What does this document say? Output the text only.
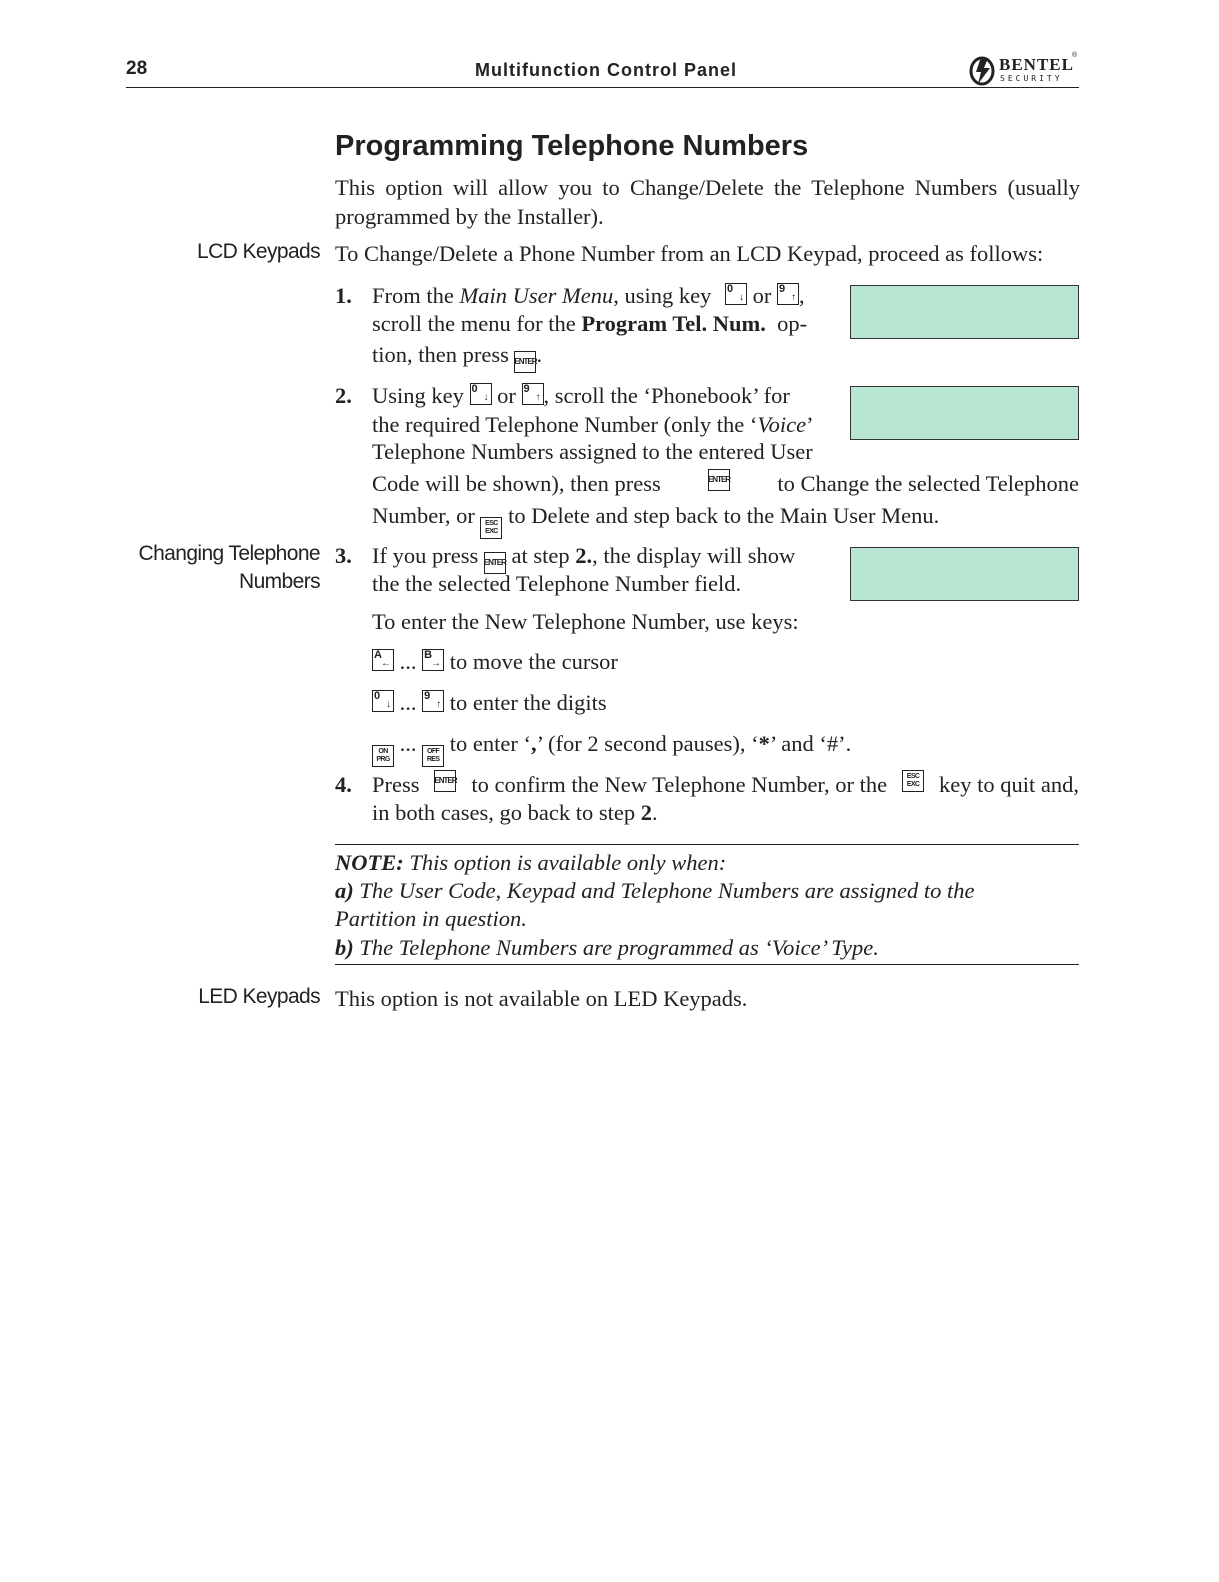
28	Multifunction Control Panel	BENTEL
SECURITY
®
Programming Telephone Numbers

This option will allow you to Change/Delete the Telephone Numbers (usually

programmed by the Installer).

LCD Keypads To Change/Delete a Phone Number from an LCD Keypad, proceed as follows:

1. From the Main User Menu, using key 0
↓ or 9
↑ ,

scroll the menu for the Program Tel. Num. op-

tion, then press ENTER .

2. Using key 0
↓ or 9
↑ , scroll the ‘Phonebook’ for

the required Telephone Number (only the ‘Voice’

Telephone Numbers assigned to the entered User

Code will be shown), then press	ENTER to Change the selected Telephone

Number, or ESC
EXC
to Delete and step back to the Main User Menu.

Changing Telephone
Numbers
3. If you press ENTER at step 2., the display will show

the the selected Telephone Number field.

To enter the New Telephone Number, use keys:

A
← ... B
→ to move the cursor

0
↓ ... 9
↑ to enter the digits

ON
PRG
... OFF
RES
to enter ‘,’ (for 2 second pauses), ‘*’ and ‘#’.

4. Press ENTER to confirm the New Telephone Number, or the	ESC
EXC key to quit and,

in both cases, go back to step 2.

NOTE: This option is available only when:

a) The User Code, Keypad and Telephone Numbers are assigned to the

Partition in question.

b) The Telephone Numbers are programmed as ‘Voice’ Type.

LED Keypads This option is not available on LED Keypads.
